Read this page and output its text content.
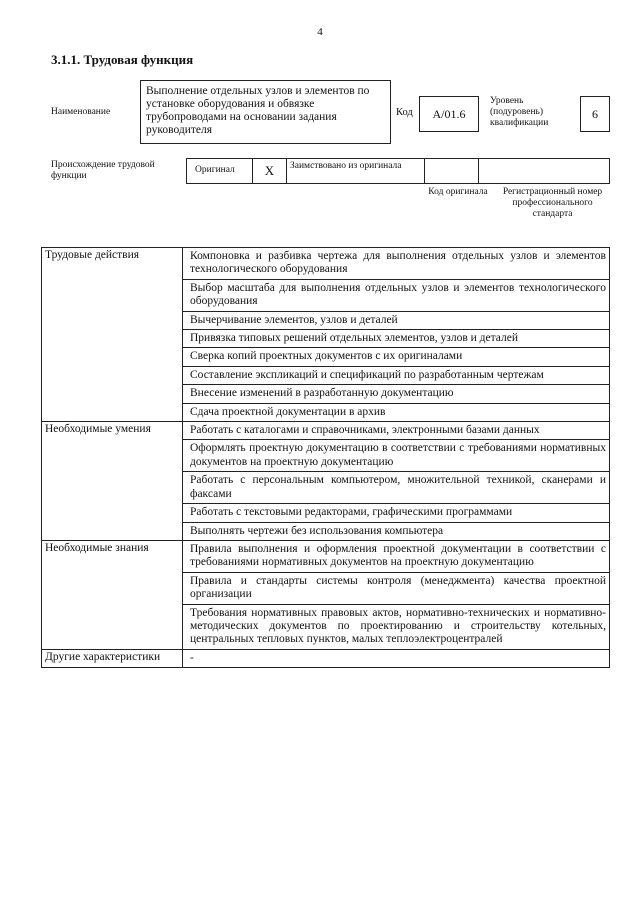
4
3.1.1. Трудовая функция
Наименование
Выполнение отдельных узлов и элементов по установке оборудования и обвязке трубопроводами на основании задания руководителя
Код А/01.6
Уровень (подуровень) квалификации
6
Происхождение трудовой функции
Оригинал	Х	Заимствовано из оригинала
Код оригинала Регистрационный номер профессионального стандарта
Трудовые действия	Компоновка и разбивка чертежа для выполнения отдельных узлов и элементов технологического оборудования
	Выбор масштаба для выполнения отдельных узлов и элементов технологического оборудования
	Вычерчивание элементов, узлов и деталей
	Привязка типовых решений отдельных элементов, узлов и деталей
	Сверка копий проектных документов с их оригиналами
	Составление экспликаций и спецификаций по разработанным чертежам
	Внесение изменений в разработанную документацию
	Сдача проектной документации в архив
Необходимые умения	Работать с каталогами и справочниками, электронными базами данных
	Оформлять проектную документацию в соответствии с требованиями нормативных документов на проектную документацию
	Работать с персональным компьютером, множительной техникой, сканерами и факсами
	Работать с текстовыми редакторами, графическими программами
	Выполнять чертежи без использования компьютера
Необходимые знания	Правила выполнения и оформления проектной документации в соответствии с требованиями нормативных документов на проектную документацию
	Правила и стандарты системы контроля (менеджмента) качества проектной организации
	Требования нормативных правовых актов, нормативно-технических и нормативно-методических документов по проектированию и строительству котельных, центральных тепловых пунктов, малых теплоэлектроцентралей
Другие характеристики	-
